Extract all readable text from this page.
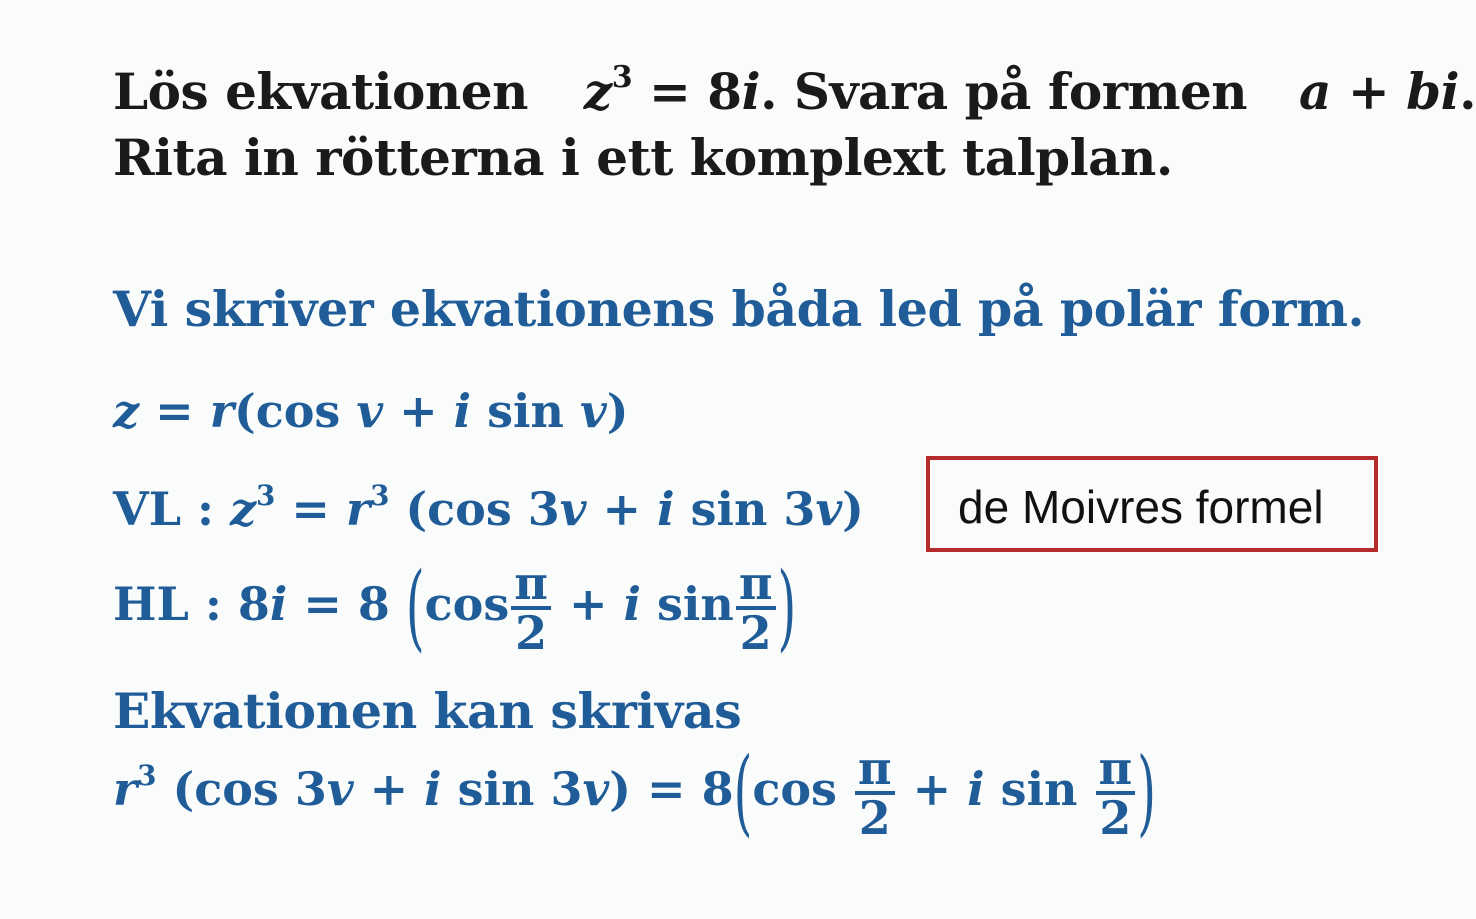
Lös ekvationen $z^3 = 8i$. Svara på formen a + bi.
Rita in rötterna i ett komplext talplan.
Vi skriver ekvationens båda led på polär form.
z = r(cos v + i sin v)
VL : $z^3 = r^3$ (cos 3v + i sin 3v) de Moivres formel
HL : 8i = 8 ($\cos \frac{\pi}{2} + i$ $\sin \frac{\pi}{2}$ )
Ekvationen kan skrivas
$r^3$ (cos 3v + i $\sin 3v) = 8(\cos \frac{\pi}{2} + i$ $\sin \frac{\pi}{2}$ )
